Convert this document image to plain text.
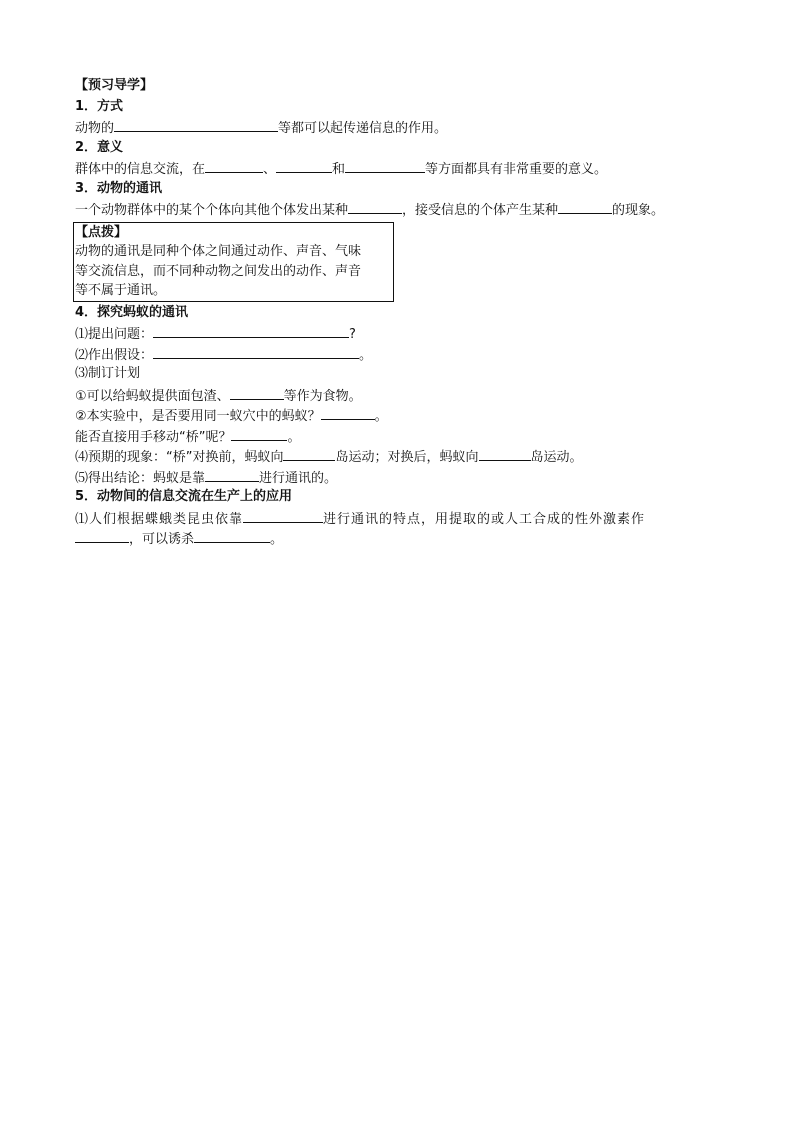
【预习导学】
1．方式
动物的	等都可以起传递信息的作用。
2．意义
群体中的信息交流，在	、	和	等方面都具有非常重要的意义。
3．动物的通讯
一个动物群体中的某个个体向其他个体发出某种	，接受信息的个体产生某种	的现象。
【点拨】
动物的通讯是同种个体之间通过动作、声音、气味
等交流信息，而不同种动物之间发出的动作、声音
等不属于通讯。
4．探究蚂蚁的通讯
⑴提出问题：	?
⑵作出假设：	。
⑶制订计划
①可以给蚂蚁提供面包渣、	等作为食物。
②本实验中，是否要用同一蚁穴中的蚂蚁？	。
能否直接用手移动“桥”呢？	。
⑷预期的现象：“桥”对换前，蚂蚁向	岛运动；对换后，蚂蚁向	岛运动。
⑸得出结论：蚂蚁是靠	进行通讯的。
5．动物间的信息交流在生产上的应用
⑴人们根据蝶蛾类昆虫依靠	进行通讯的特点，用提取的或人工合成的性外激素作
，可以诱杀	。
